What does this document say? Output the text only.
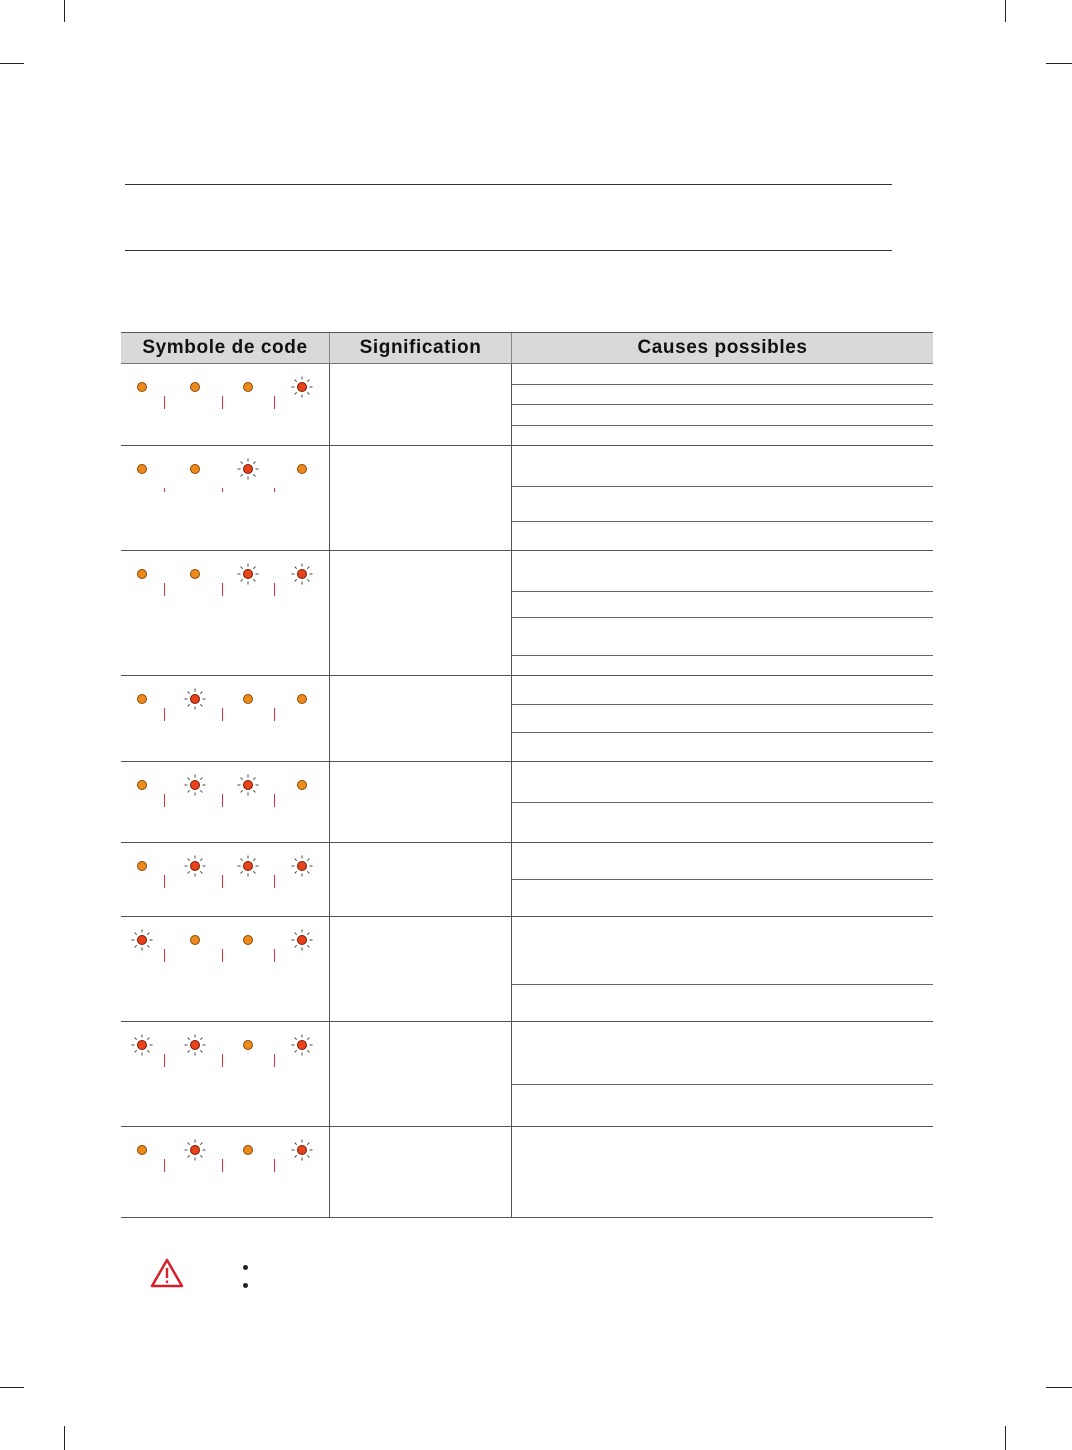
Symbole de code	Signification	Causes possibles
